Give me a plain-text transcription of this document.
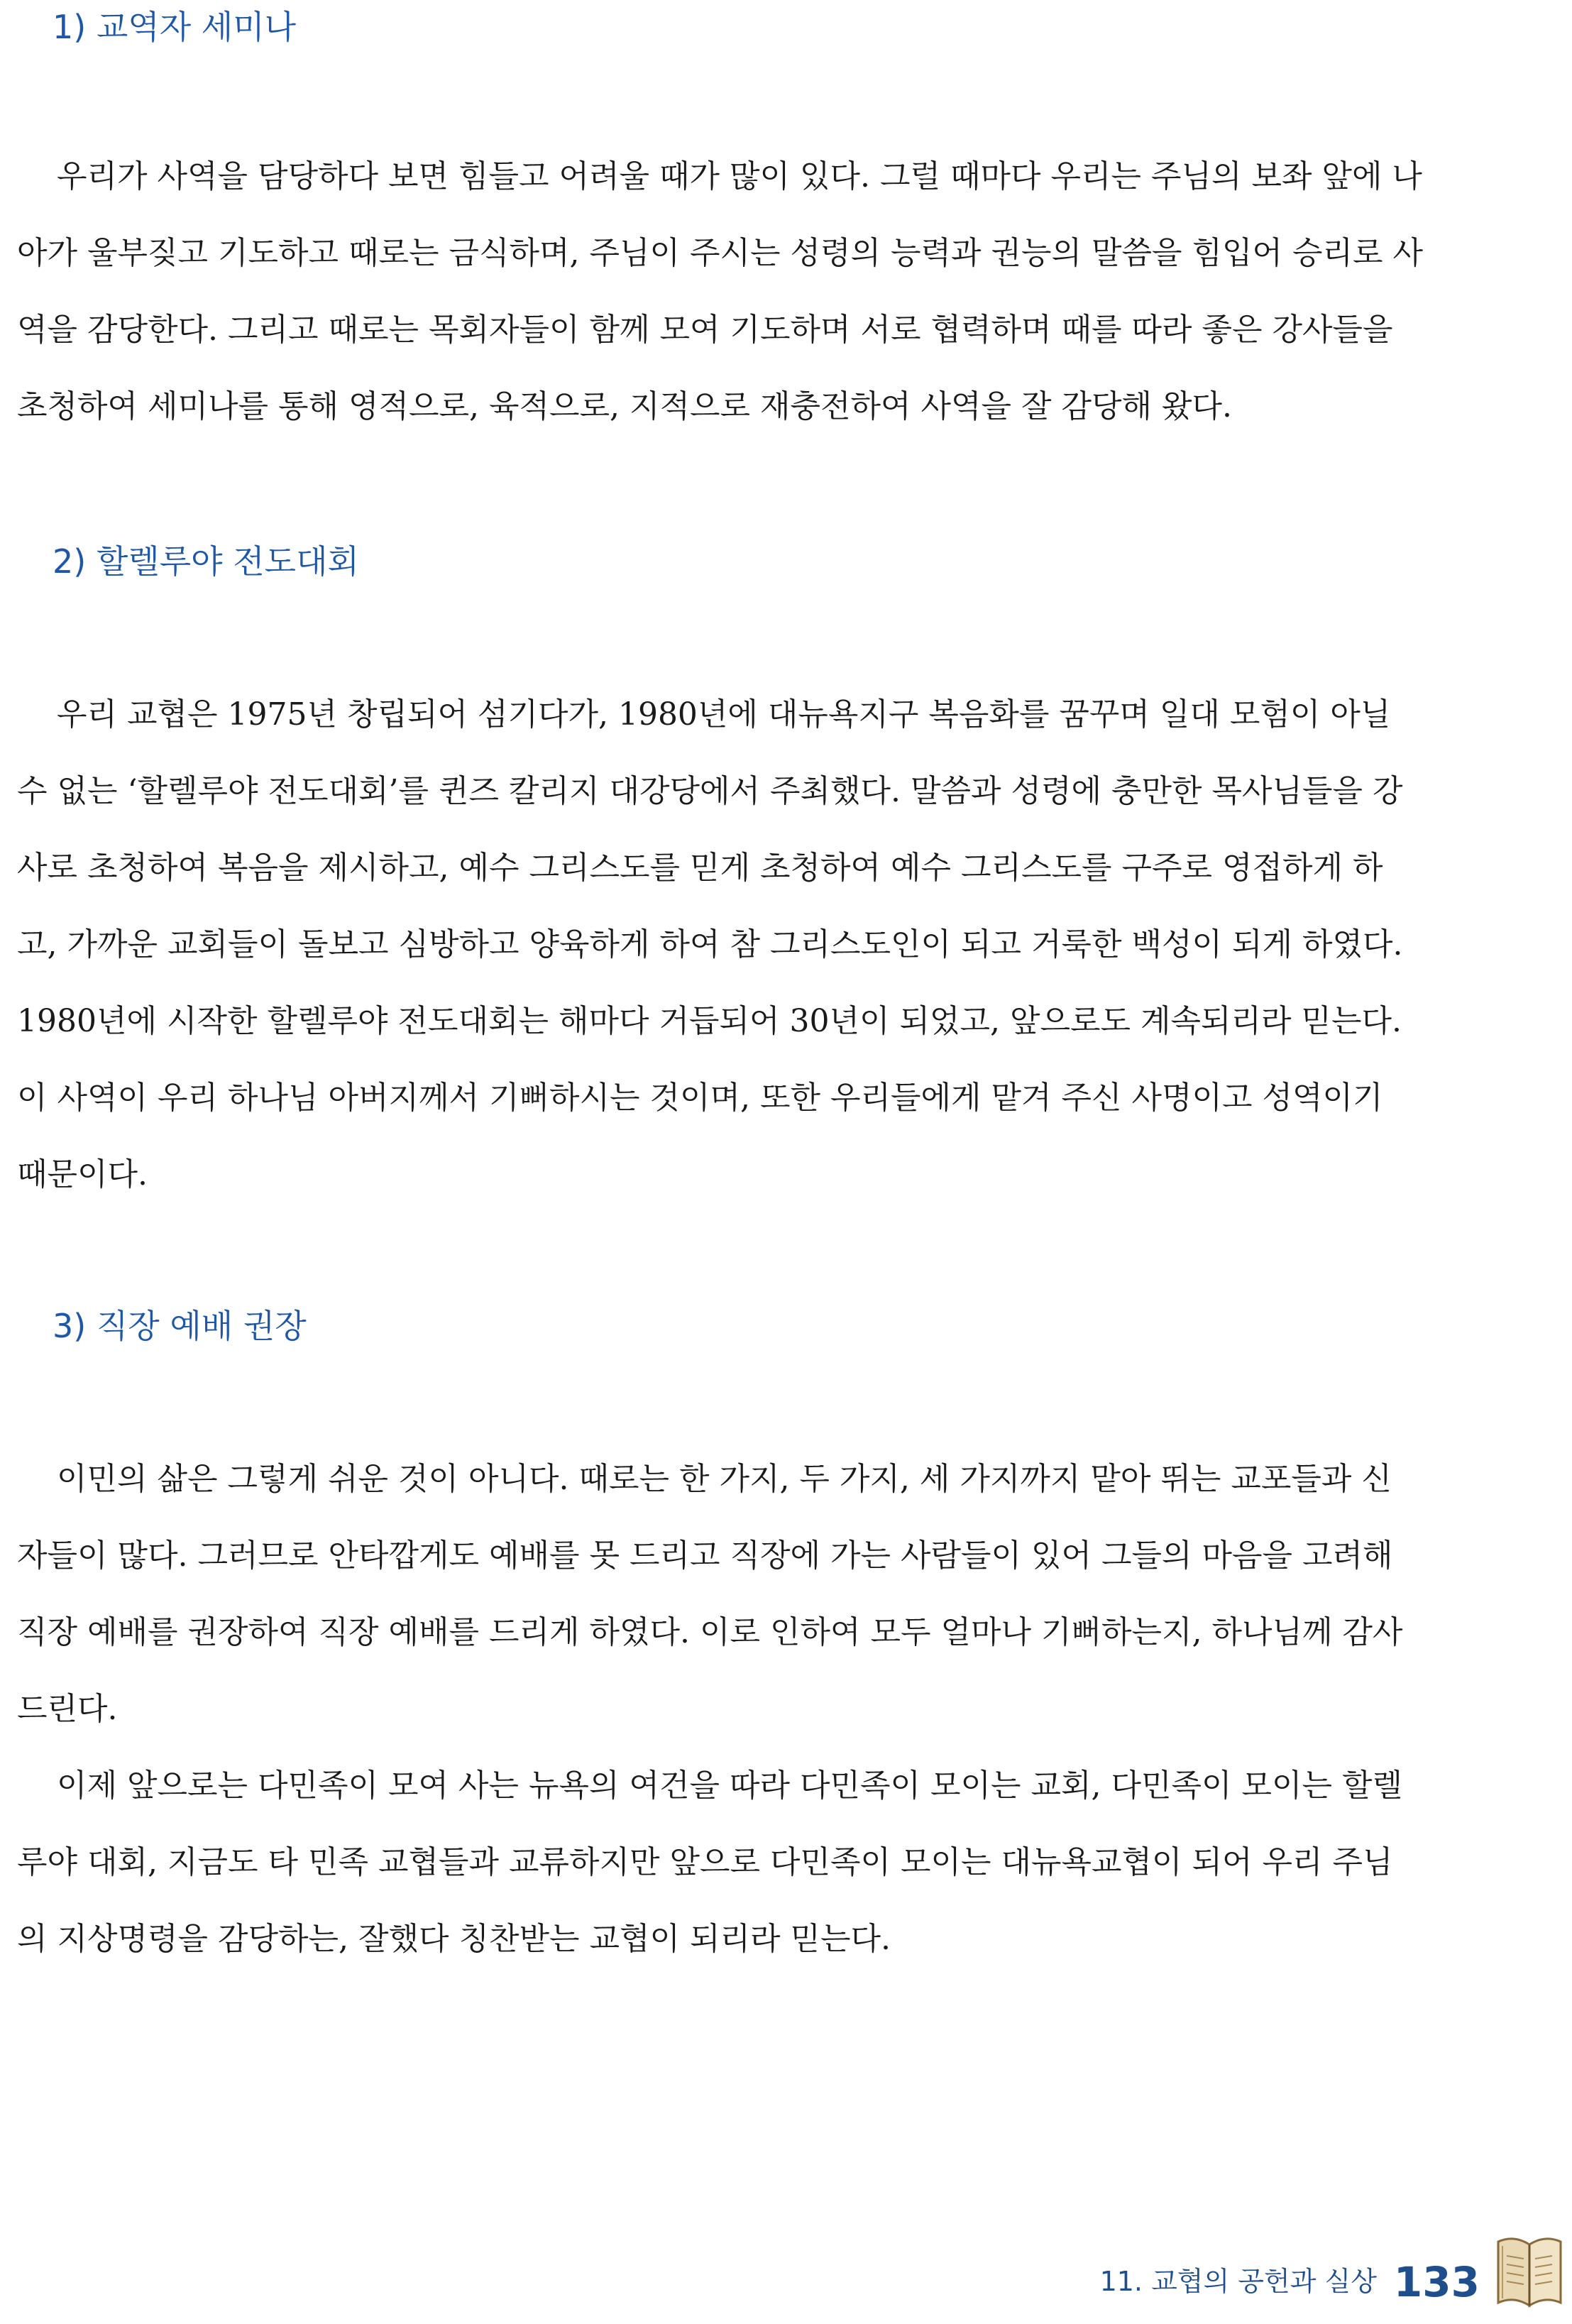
1) 교역자 세미나
우리가 사역을 담당하다 보면 힘들고 어려울 때가 많이 있다. 그럴 때마다 우리는 주님의 보좌 앞에 나
아가 울부짖고 기도하고 때로는 금식하며, 주님이 주시는 성령의 능력과 권능의 말씀을 힘입어 승리로 사
역을 감당한다. 그리고 때로는 목회자들이 함께 모여 기도하며 서로 협력하며 때를 따라 좋은 강사들을
초청하여 세미나를 통해 영적으로, 육적으로, 지적으로 재충전하여 사역을 잘 감당해 왔다.
2) 할렐루야 전도대회
우리 교협은 1975년 창립되어 섬기다가, 1980년에 대뉴욕지구 복음화를 꿈꾸며 일대 모험이 아닐
수 없는 ‘할렐루야 전도대회’를 퀸즈 칼리지 대강당에서 주최했다. 말씀과 성령에 충만한 목사님들을 강
사로 초청하여 복음을 제시하고, 예수 그리스도를 믿게 초청하여 예수 그리스도를 구주로 영접하게 하
고, 가까운 교회들이 돌보고 심방하고 양육하게 하여 참 그리스도인이 되고 거룩한 백성이 되게 하였다.
1980년에 시작한 할렐루야 전도대회는 해마다 거듭되어 30년이 되었고, 앞으로도 계속되리라 믿는다.
이 사역이 우리 하나님 아버지께서 기뻐하시는 것이며, 또한 우리들에게 맡겨 주신 사명이고 성역이기
때문이다.
3) 직장 예배 권장
이민의 삶은 그렇게 쉬운 것이 아니다. 때로는 한 가지, 두 가지, 세 가지까지 맡아 뛰는 교포들과 신
자들이 많다. 그러므로 안타깝게도 예배를 못 드리고 직장에 가는 사람들이 있어 그들의 마음을 고려해
직장 예배를 권장하여 직장 예배를 드리게 하였다. 이로 인하여 모두 얼마나 기뻐하는지, 하나님께 감사
드린다.
이제 앞으로는 다민족이 모여 사는 뉴욕의 여건을 따라 다민족이 모이는 교회, 다민족이 모이는 할렐
루야 대회, 지금도 타 민족 교협들과 교류하지만 앞으로 다민족이 모이는 대뉴욕교협이 되어 우리 주님
의 지상명령을 감당하는, 잘했다 칭찬받는 교협이 되리라 믿는다.
11. 교협의 공헌과 실상 133
